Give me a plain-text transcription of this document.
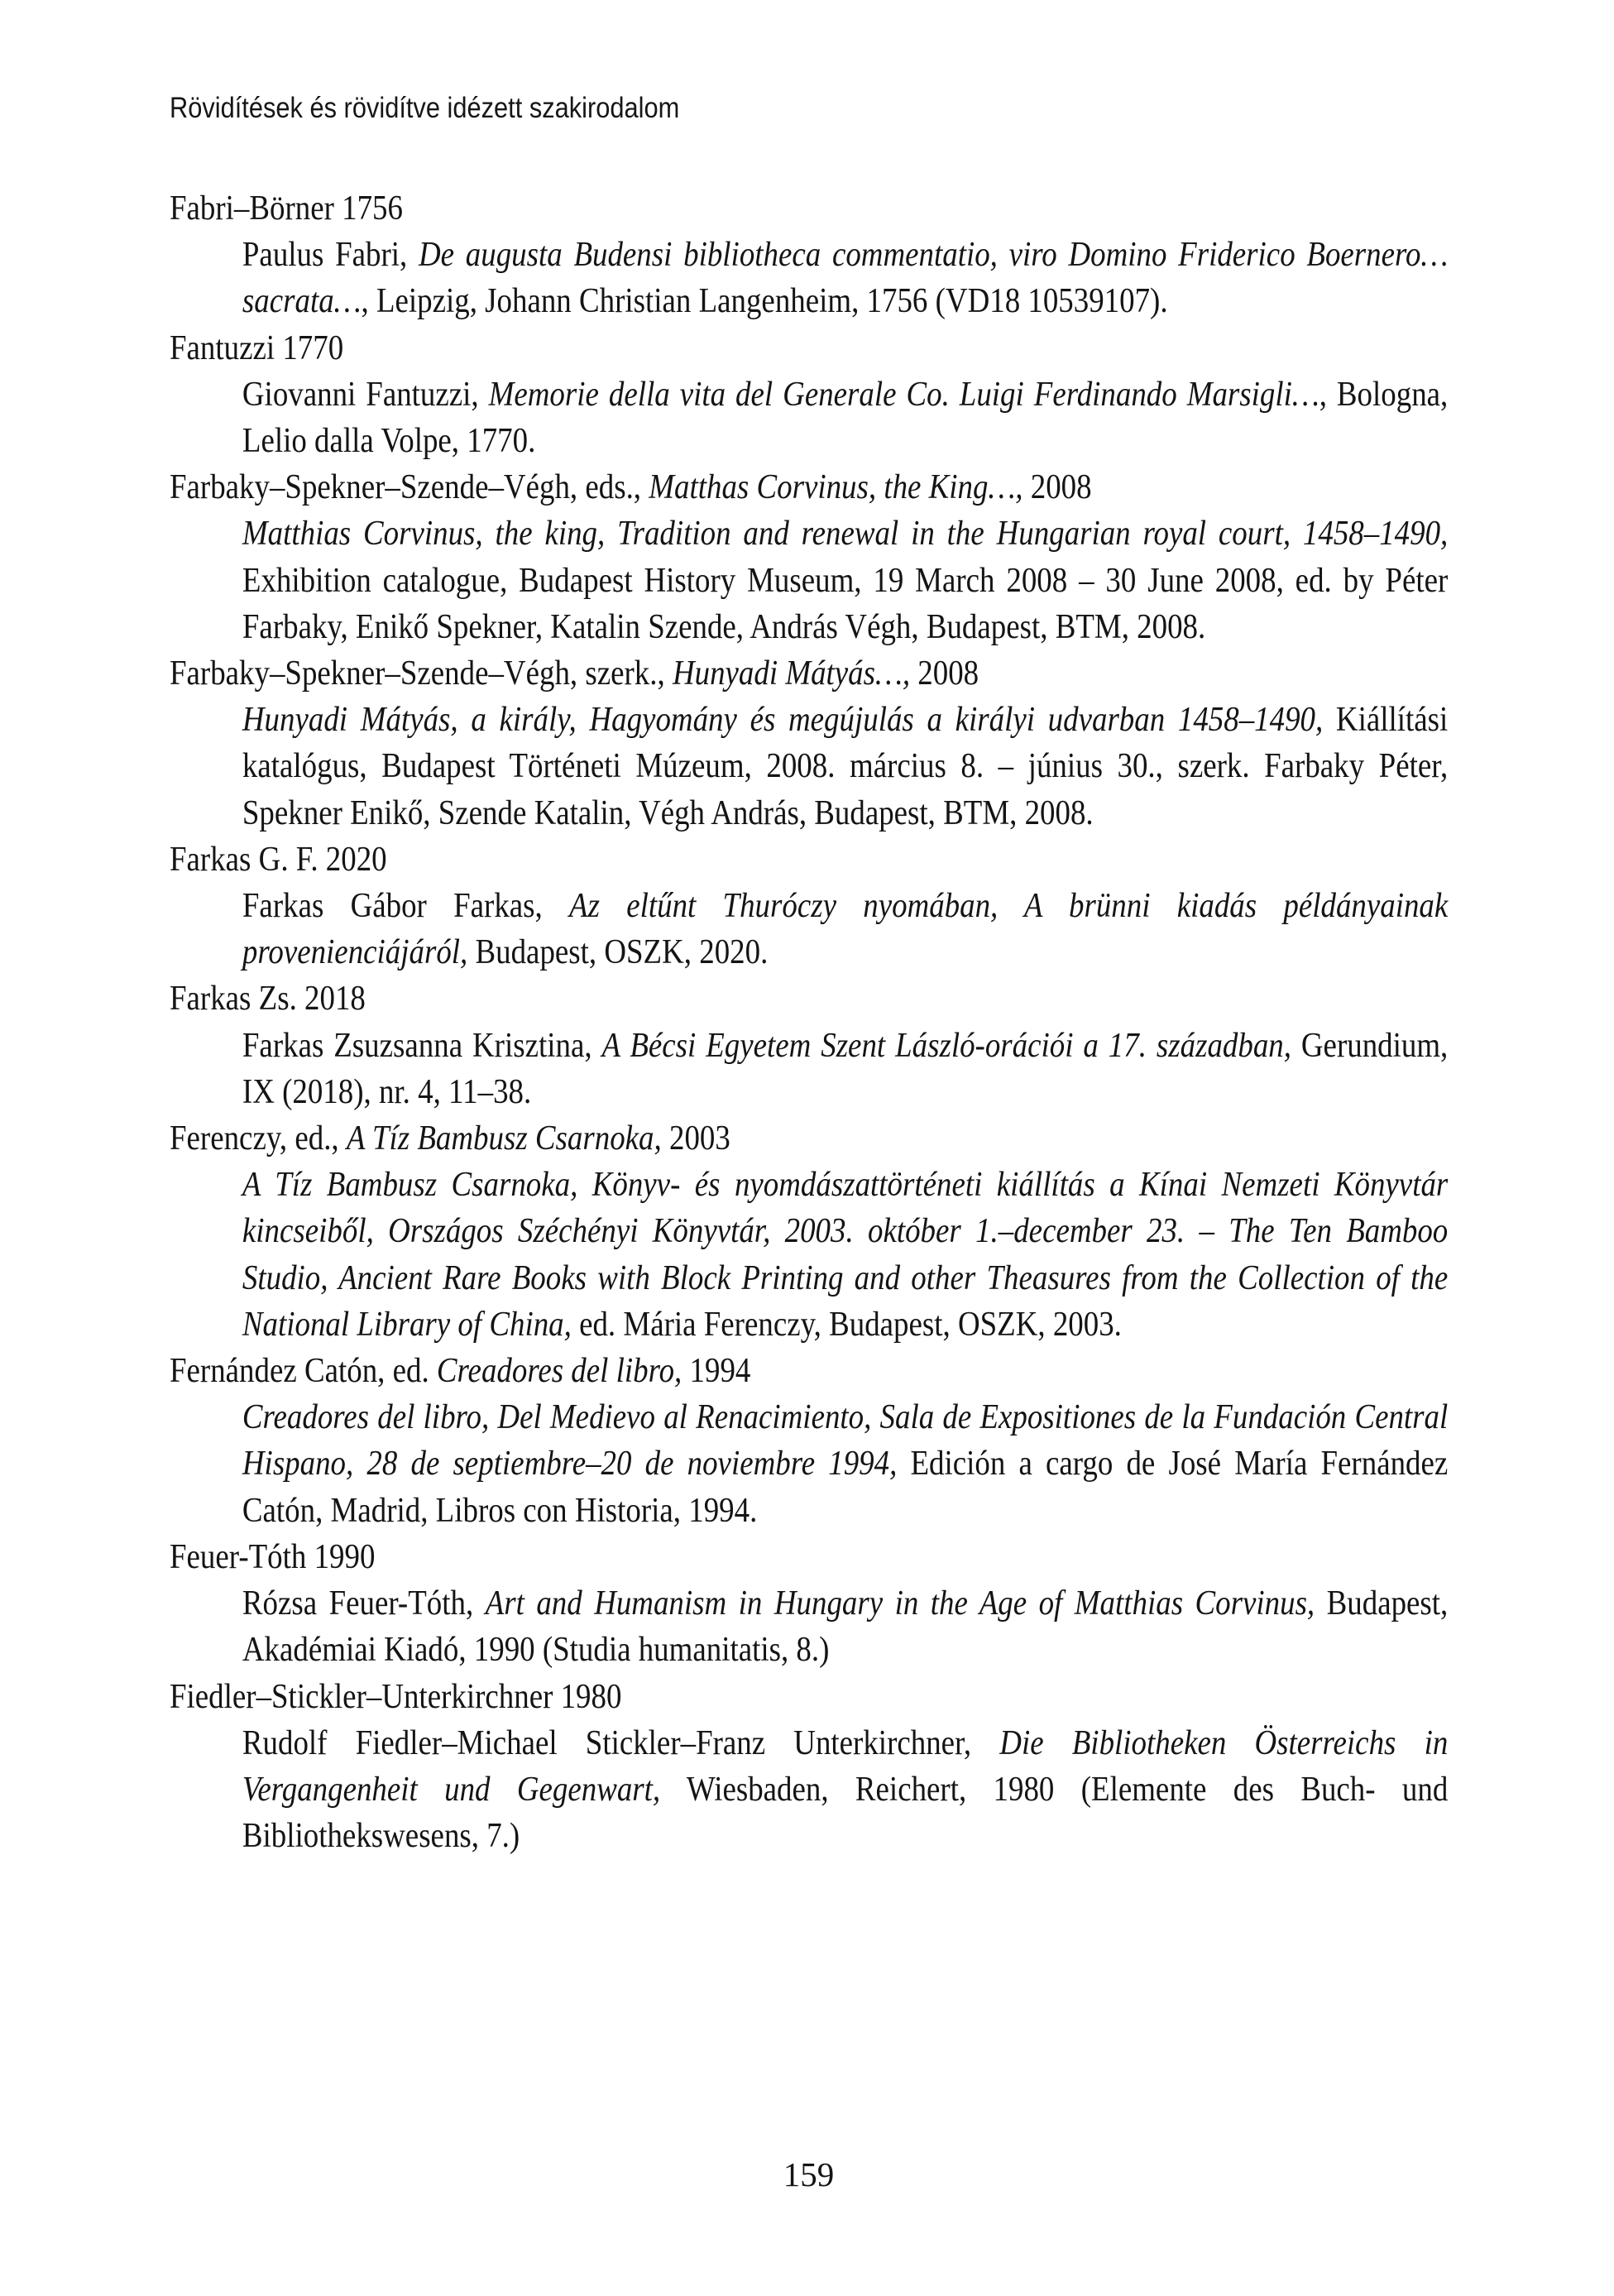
Rövidítések és rövidítve idézett szakirodalom
Fabri–Börner 1756
Paulus Fabri, De augusta Budensi bibliotheca commentatio, viro Domino Friderico Boernero… sacrata…, Leipzig, Johann Christian Langenheim, 1756 (VD18 10539107).
Fantuzzi 1770
Giovanni Fantuzzi, Memorie della vita del Generale Co. Luigi Ferdinando Marsigli…, Bologna, Lelio dalla Volpe, 1770.
Farbaky–Spekner–Szende–Végh, eds., Matthas Corvinus, the King…, 2008
Matthias Corvinus, the king, Tradition and renewal in the Hungarian royal court, 1458–1490, Exhibition catalogue, Budapest History Museum, 19 March 2008 – 30 June 2008, ed. by Péter Farbaky, Enikő Spekner, Katalin Szende, András Végh, Budapest, BTM, 2008.
Farbaky–Spekner–Szende–Végh, szerk., Hunyadi Mátyás…, 2008
Hunyadi Mátyás, a király, Hagyomány és megújulás a királyi udvarban 1458–1490, Kiállítási katalógus, Budapest Történeti Múzeum, 2008. március 8. – június 30., szerk. Farbaky Péter, Spekner Enikő, Szende Katalin, Végh András, Budapest, BTM, 2008.
Farkas G. F. 2020
Farkas Gábor Farkas, Az eltűnt Thuróczy nyomában, A brünni kiadás példányainak provenienciájáról, Budapest, OSZK, 2020.
Farkas Zs. 2018
Farkas Zsuzsanna Krisztina, A Bécsi Egyetem Szent László-orációi a 17. században, Gerundium, IX (2018), nr. 4, 11–38.
Ferenczy, ed., A Tíz Bambusz Csarnoka, 2003
A Tíz Bambusz Csarnoka, Könyv- és nyomdászattörténeti kiállítás a Kínai Nemzeti Könyvtár kincseiből, Országos Széchényi Könyvtár, 2003. október 1.–december 23. – The Ten Bamboo Studio, Ancient Rare Books with Block Printing and other Theasures from the Collection of the National Library of China, ed. Mária Ferenczy, Budapest, OSZK, 2003.
Fernández Catón, ed. Creadores del libro, 1994
Creadores del libro, Del Medievo al Renacimiento, Sala de Expositiones de la Fundación Central Hispano, 28 de septiembre–20 de noviembre 1994, Edición a cargo de José María Fernández Catón, Madrid, Libros con Historia, 1994.
Feuer-Tóth 1990
Rózsa Feuer-Tóth, Art and Humanism in Hungary in the Age of Matthias Corvinus, Budapest, Akadémiai Kiadó, 1990 (Studia humanitatis, 8.)
Fiedler–Stickler–Unterkirchner 1980
Rudolf Fiedler–Michael Stickler–Franz Unterkirchner, Die Bibliotheken Österreichs in Vergangenheit und Gegenwart, Wiesbaden, Reichert, 1980 (Elemente des Buch- und Bibliothekswesens, 7.)
159
